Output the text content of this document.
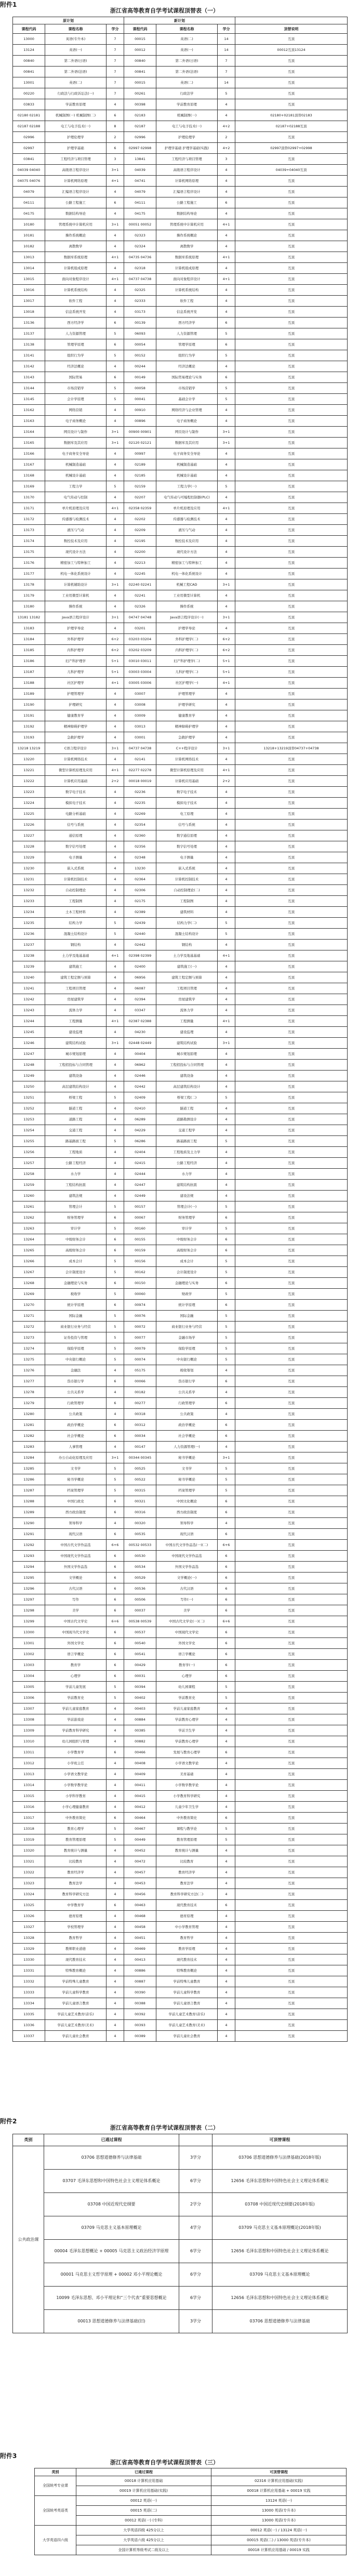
附件1
浙江省高等教育自学考试课程顶替表（一）
原计划			新计划			
课程代码	课程名称	学分	课程代码	课程名称	学分	顶替说明
13000	英语(专升本)	7	00015	英语(二)	14	互顶
13124	英语(一)	7	00012	英语(一)	14	00012互顶13124
00840	第二外语(日语)	7	00840	第二外语(日语)	7	互顶
00841	第二外语(法语)	7	00841	第二外语(法语)	7	互顶
13001	英语(二)	7	00015	英语(二)	14	互顶
00220	行政法与行政诉讼法(一)	7	00261	行政法学	5	互顶
03833	学前教育原理	4	00398	学前教育原理	4	互顶
02180 02181	机械制图(一) 机械制图(二)	6	02183	机械制图(一)	4	02180+02181顶替02183
02187 02188	电工与电子技术(一)	8	02187	电工与电子技术(一)	4+2	02187+02188互顶
02996	护理伦理学	2	02996	护理伦理学	2	互顶
02997	护理学基础	6	02997 02998	护理学基础 护理学基础(实践)	4+2	02997顶替02997+02998
03841	工程经济与项目管理	3	13841	工程经济与项目管理	3	互顶
04039 04040	高级语言程序设计	3+1	04039	高级语言程序设计	4	04039+04040互顶
04075 04076	计算机网络原理	4+1	04741	计算机网络原理	4	互顶
04079	汇编语言程序设计	4	04079	汇编语言程序设计	4	互顶
04111	公路工程施工	6	04111	公路工程施工	6	互顶
04175	数据结构导论	4	04175	数据结构导论	4	互顶
10180	管理系统中计算机应用	3+1	00051 00052	管理系统中计算机应用	4+1	互顶
10181	操作系统概论	4	02323	操作系统概论	4	互顶
10182	离散数学	4	02324	离散数学	4	互顶
13013	数据库系统原理	4+1	04735 04736	数据库系统原理	4+1	互顶
13014	计算机组成原理	4	02318	计算机组成原理	4	互顶
13015	面向对象程序设计	4+1	04737 04738	面向对象程序设计	4+1	互顶
13016	计算机系统结构	4	02325	计算机系统结构	4	互顶
13017	软件工程	4	02333	软件工程	4	互顶
13018	信息系统开发	4	03173	信息系统开发	4	互顶
13136	西方经济学	6	00139	西方经济学	6	互顶
13137	人力资源管理	5	06093	人力资源管理	5	互顶
13138	管理学原理	6	00054	管理学原理	6	互顶
13141	组织行为学	5	00152	组织行为学	5	互顶
13142	经济法概论	4	00244	经济法概论	4	互顶
13143	国际贸易	6	00149	国际贸易理论与实务	6	互顶
13144	市场营销学	5	00058	市场营销学	5	互顶
13145	会计学原理	5	00041	基础会计学	5	互顶
13162	网络营销	4	00910	网络经济与企业管理	4	互顶
13163	电子商务概论	4	00896	电子商务概论	4	互顶
13164	网页设计与制作	3+1	00900 00901	网页设计与制作	3+1	互顶
13165	数据库及其应用	3+1	02120 02121	数据库及其应用	3+1	互顶
13166	电子商务安全导论	4	00997	电子商务安全导论	4	互顶
13167	机械制造基础	4	02189	机械制造基础	4	互顶
13168	机械设计基础	4	02185	机械设计基础	4	互顶
13169	工程力学	5	02159	工程力学(一)	5	互顶
13170	电气传动与控制	4	02207	电气传动与可编程控制器(PLC)	4	互顶
13171	单片机原理及应用	4+1	02358 02359	单片机原理及应用	4+1	互顶
13172	传感器与检测技术	4	02202	传感器与检测技术	4	互顶
13173	液压与气动	4	02209	液压与气动	4	互顶
13174	数控技术及应用	4	02195	数控技术及应用	4	互顶
13175	现代设计方法	4	02200	现代设计方法	4	互顶
13176	精密加工与特种加工	4	02213	精密加工与特种加工	4	互顶
13177	机电一体化系统设计	4	02245	机电一体化系统设计	4	互顶
13178	计算机辅助设计	3+1	02240 02241	机械工程CAD	3+1	互顶
13179	工业用微型计算机	4	02241	工业用微型计算机	4	互顶
13180	操作系统	4	02326	操作系统	4	互顶
13181 13182	Java语言程序设计	3+1	04747 04748	Java语言程序设计(一)	3+1	互顶
13183	护理学导论	4	03201	护理学导论	4	互顶
13184	外科护理学	6+2	03203 03204	外科护理学(二)	6+2	互顶
13185	内科护理学	6+2	03202 03209	内科护理学(二)	6+2	互顶
13186	妇产科护理学	5+1	03010 03011	妇产科护理学(二)	5+1	互顶
13187	儿科护理学	5+1	03003 03004	儿科护理学(二)	5+1	互顶
13188	社区护理学	4+1	03005 03006	社区护理学(一)	4+1	互顶
13189	护理管理学	4	03007	护理管理学	4	互顶
13190	护理研究	4	03008	护理学研究	4	互顶
13191	健康教育学	4	03009	健康教育学	4	互顶
13192	精神障碍护理学	4	03013	精神障碍护理学	4	互顶
13193	急救护理学	4	03001	急救护理学	4	互顶
13218 13219	C语言程序设计	3+1	04737 04738	C++程序设计	3+1	13218+13219顶替04737+04738
13220	计算机网络技术	4	02141	计算机网络技术	4	互顶
13221	微型计算机原理及应用	4+1	02277 02278	微型计算机原理及应用	4+1	互顶
13222	计算机应用基础	2+2	00018 00019	计算机应用基础	2+2	互顶
13223	数字电子技术	4	02236	数字电子技术	4	互顶
13224	模拟电子技术	4	02235	模拟电子技术	4	互顶
13225	电路分析基础	4	02269	电工原理	4	互顶
13226	信号与系统	4	02354	信号与系统	4	互顶
13227	通信原理	4	02360	数字通信原理	4	互顶
13228	数字信号处理	4	02356	数字信号处理	4	互顶
13229	电子测量	4	02348	电子测量	4	互顶
13230	嵌入式系统	4	13230	嵌入式系统	4	互顶
13231	计算机控制技术	4	02364	计算机控制技术	4	互顶
13232	自动控制理论	4	02306	自动控制理论(二)	4	互顶
13233	工程制图	4	02175	工程制图	4	互顶
13234	土木工程材料	4	02389	建筑材料	4	互顶
13235	结构力学	5	02439	结构力学(二)	5	互顶
13236	混凝土结构设计	5	02440	混凝土结构设计	5	互顶
13237	钢结构	4	02442	钢结构	4	互顶
13238	土力学及地基基础	4+1	02398 02399	土力学及地基基础	4+1	互顶
13239	建筑施工	4	02400	建筑施工(一)	4	互顶
13240	建筑工程定额与预算	4	06956	建筑工程定额与预算	4	互顶
13241	工程项目管理	4	06087	工程项目管理	4	互顶
13242	房屋建筑学	4	02394	房屋建筑学	4	互顶
13243	流体力学	4	03347	流体力学	4	互顶
13244	工程测量	4+1	02387 02388	工程测量	4+1	互顶
13245	建设监理	4	04230	建设监理	4	互顶
13246	建筑结构试验	3+1	02448 02449	建筑结构试验	3+1	互顶
13247	城市规划原理	4	00404	城市规划原理	4	互顶
13248	工程招投标与合同管理	4	06962	工程招投标与合同管理	4	互顶
13249	建筑设备	4	02446	建筑设备	4	互顶
13250	高层建筑结构设计	4	02442	高层建筑结构设计	4	互顶
13251	桥梁工程	5	02409	桥梁工程(二)	5	互顶
13252	隧道工程	4	02410	隧道工程	4	互顶
13253	道路工程	4	06289	道路勘测设计	4	互顶
13254	交通工程	4	04229	交通工程学	4	互顶
13255	路基路面工程	5	06286	路基路面工程	5	互顶
13256	工程地质	4	02404	工程地质及土力学	4	互顶
13257	公路工程经济	4	02415	公路工程经济	4	互顶
13258	水力学	4	02444	水力学	4	互顶
13259	工程结构抗震	4	02447	建筑结构抗震	4	互顶
13260	建筑法规	4	02449	建设法规	4	互顶
13261	管理会计	5	00157	管理会计(一)	5	互顶
13262	财务管理学	6	00067	财务管理学	6	互顶
13263	审计学	5	00160	审计学	5	互顶
13264	中级财务会计	6	00155	中级财务会计	6	互顶
13265	高级财务会计	6	00159	高级财务会计	6	互顶
13266	成本会计	5	00156	成本会计	5	互顶
13267	会计制度设计	5	00162	会计制度设计	5	互顶
13268	金融理论与实务	6	00150	金融理论与实务	6	互顶
13269	税收学	5	00060	财政学	5	互顶
13270	统计学原理	6	00974	统计学原理	6	互顶
13271	国际金融	5	00076	国际金融	5	互顶
13272	商业银行业务与经营	5	00072	商业银行业务与经营	5	互顶
13273	证券投资与管理	5	00077	金融市场学	5	互顶
13274	保险学原理	5	00079	保险学原理	5	互顶
13275	中央银行概论	5	00074	中央银行概论	5	互顶
13276	金融法	4	05175	税收筹划	4	互顶
13277	货币银行学	6	00066	货币银行学	6	互顶
13278	公共关系学	4	00182	公共关系学	4	互顶
13279	行政管理学	6	00277	行政管理学	6	互顶
13280	公共政策	4	00318	公共政策	4	互顶
13281	政治学概论	6	00312	政治学概论	6	互顶
13282	社会学概论	6	00034	社会学概论	6	互顶
13283	人事管理	4	00147	人力资源管理(一)	4	互顶
13284	办公自动化原理及应用	3+1	00344 00345	秘书学概论	3+1	互顶
13285	文书学	5	00525	文书学	5	互顶
13286	秘书学概论	5	00522	秘书学概论	5	互顶
13287	档案管理学	5	00315	档案管理学	5	互顶
13288	中国行政史	6	00321	中国文化概论	6	互顶
13289	西方政治制度	6	00316	西方政治制度	6	互顶
13290	领导科学	4	00320	领导科学	4	互顶
13291	现代汉语	6	00535	现代汉语	6	互顶
13292	中国古代文学作品选	6+6	00532 00533	中国古代文学作品选(一)(二)	6+6	互顶
13293	中国现代文学作品选	6	00530	中国现代文学作品选	6	互顶
13294	外国文学作品选	6	00534	外国文学作品选	6	互顶
13295	文学概论	6	00529	文学概论(一)	6	互顶
13296	古代汉语	6	00536	古代汉语	6	互顶
13297	写作	6	00506	写作(一)	6	互顶
13298	美学	6	00037	美学	6	互顶
13299	中国古代文学史	6+6	00538 00539	中国古代文学史(一)(二)	6+6	互顶
13300	中国现当代文学史	6	00537	中国现代文学史	6	互顶
13301	外国文学史	6	00540	外国文学史	6	互顶
13302	语言学概论	6	00541	语言学概论	6	互顶
13303	教育学	6	00429	教育学(一)	6	互顶
13304	心理学	6	00031	心理学	6	互顶
13305	学前儿童发展	5	00394	幼儿园课程	5	互顶
13306	学前教育史	5	00402	学前教育史	5	互顶
13307	学前儿童家庭教育	4	00403	学前儿童家庭教育	4	互顶
13308	学前游戏论	4	00884	学前教育心理学	4	互顶
13309	学前教育科学研究	4	00385	学前卫生学	4	互顶
13310	幼儿园组织与管理	4	00882	学前教育心理学	4	互顶
13311	小学教育学	6	00466	发展与教育心理学	6	互顶
13312	小学班主任	4	00408	小学语文教学论	4	互顶
13313	小学语文教学论	4	00409	美育基础	4	互顶
13314	小学数学教学论	4	00411	小学数学教学论	4	互顶
13315	小学科学教育	4	00415	小学教育科学研究	4	互顶
13316	小学心理健康教育	4	00412	儿童少年卫生学	4	互顶
13317	中外教育简史	6	00464	中外教育简史	6	互顶
13318	教育心理学	5	00467	课程与教学论	5	互顶
13319	教育管理原理	5	00449	教育管理原理	5	互顶
13320	教育统计与测量	4	00452	教育统计与测量	4	互顶
13321	比较教育	4	00472	比较教育	4	互顶
13322	教育经济学	4	00457	教育经济学	4	互顶
13323	教育法学	4	00453	教育法学	4	互顶
13324	教育科学研究方法	4	00456	教育科学研究方法(二)	4	互顶
13325	中学教育学	6	00463	现代教育技术	6	互顶
13326	德育原理	4	00468	德育原理	4	互顶
13327	学校管理学	4	00458	中小学教育管理	4	互顶
13328	教育哲学	4	00451	教育哲学	4	互顶
13329	教师职业道德	4	00469	教育学原理	4	互顶
13330	现代教育技术	4	00413	现代教育技术	4	互顶
13331	特殊教育概论	4	00886	特殊教育概论	4	互顶
13332	学前特殊儿童教育	4	00887	学前特殊儿童教育	4	互顶
13333	学前儿童科学教育	4	00390	学前儿童科学教育	4	互顶
13334	学前儿童语言教育	4	00388	学前儿童语言教育	4	互顶
13335	学前儿童艺术教育(音乐)	4	00392	学前儿童艺术教育(音乐)	4	互顶
13336	学前儿童艺术教育(美术)	4	00393	学前儿童艺术教育(美术)	4	互顶
13337	学前儿童社会教育	4	00389	学前儿童社会教育	4	互顶
附件2
浙江省高等教育自学考试课程顶替表（二）
类别	已通过课程		可顶替课程
公共政治课	03706 思想道德修养与法律基础	3学分	03706 思想道德修养与法律基础(2018年版)
	03707 毛泽东思想和中国特色社会主义理论体系概论	6学分	12656 毛泽东思想和中国特色社会主义理论体系概论
	03708 中国近现代史纲要	2学分	03708 中国近现代史纲要(2018年版)
	03709 马克思主义基本原理概论	4学分	03709 马克思主义基本原理概论(2018年版)
	00004 毛泽东思想概论 + 00005 马克思主义政治经济学原理	6学分	12656 毛泽东思想和中国特色社会主义理论体系概论
	00001 马克思主义哲学原理 + 00002 邓小平理论概论	6学分	03709 马克思主义基本原理概论
	10099 毛泽东思想、邓小平理论和“三个代表”重要思想概论	6学分	12656 毛泽东思想和中国特色社会主义理论体系概论
	00013 思想道德修养与法律基础(旧)	3学分	03706 思想道德修养与法律基础
附件3
浙江省高等教育自学考试课程顶替表（三）
类别	已通过课程	可顶替课程
全国统考专业课	00018 计算机应用基础	02316 计算机应用基础(实践)
	00019 计算机应用基础(实践)	00018 计算机应用基础 + 00019 实践
全国统考英语类	00012 英语(一)	13124 英语(一)
	00015 英语(二)	13000 英语(专升本)
	00012 英语(一) (专科)	13000 英语(专升本)
大学英语四六级	大学英语四级 425分以上	00012 英语(一) / 13124 英语(一)
	大学英语六级 425分以上	00015 英语(二) / 13000 英语(专升本)
	全国计算机等级考试二级及以上	00018 计算机应用基础 / 00019 实践
